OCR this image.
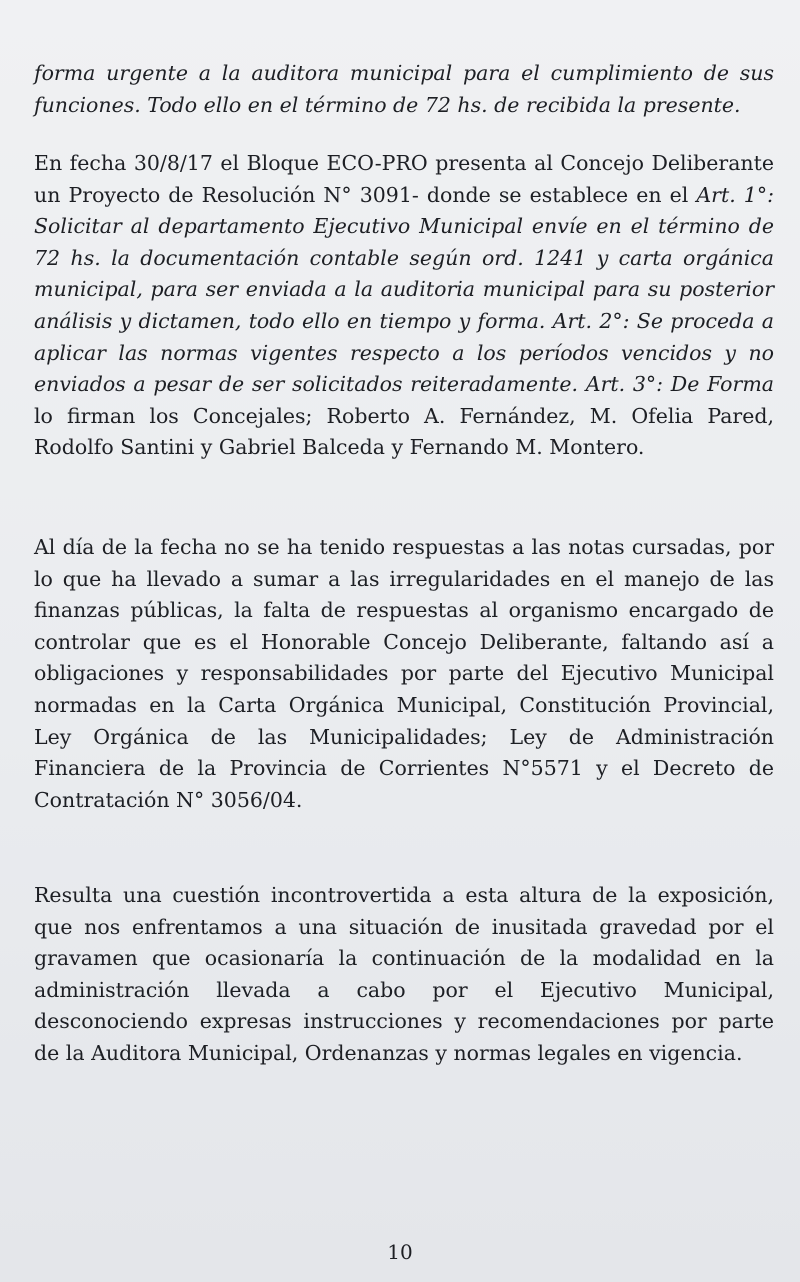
forma urgente a la auditora municipal para el cumplimiento de sus funciones. Todo ello en el término de 72 hs. de recibida la presente.

En fecha 30/8/17 el Bloque ECO-PRO presenta al Concejo Deliberante un Proyecto de Resolución N° 3091- donde se establece en el Art. 1°: Solicitar al departamento Ejecutivo Municipal envíe en el término de 72 hs. la documentación contable según ord. 1241 y carta orgánica municipal, para ser enviada a la auditoria municipal para su posterior análisis y dictamen, todo ello en tiempo y forma. Art. 2°: Se proceda a aplicar las normas vigentes respecto a los períodos vencidos y no enviados a pesar de ser solicitados reiteradamente. Art. 3°: De Forma lo firman los Concejales; Roberto A. Fernández, M. Ofelia Pared, Rodolfo Santini y Gabriel Balceda y Fernando M. Montero.

Al día de la fecha no se ha tenido respuestas a las notas cursadas, por lo que ha llevado a sumar a las irregularidades en el manejo de las finanzas públicas, la falta de respuestas al organismo encargado de controlar que es el Honorable Concejo Deliberante, faltando así a obligaciones y responsabilidades por parte del Ejecutivo Municipal normadas en la Carta Orgánica Municipal, Constitución Provincial, Ley Orgánica de las Municipalidades; Ley de Administración Financiera de la Provincia de Corrientes N°5571 y el Decreto de Contratación N° 3056/04.

Resulta una cuestión incontrovertida a esta altura de la exposición, que nos enfrentamos a una situación de inusitada gravedad por el gravamen que ocasionaría la continuación de la modalidad en la administración llevada a cabo por el Ejecutivo Municipal, desconociendo expresas instrucciones y recomendaciones por parte de la Auditora Municipal, Ordenanzas y normas legales en vigencia.

10
